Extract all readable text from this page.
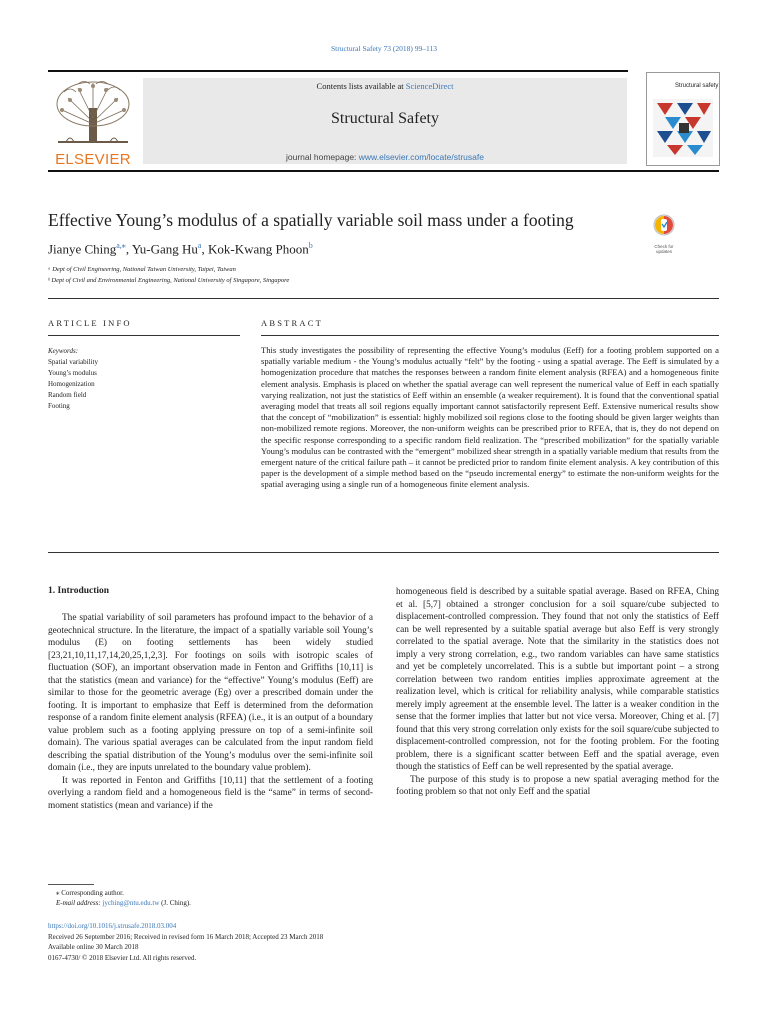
Structural Safety 73 (2018) 99–113
ELSEVIER
Contents lists available at ScienceDirect
Structural Safety
journal homepage: www.elsevier.com/locate/strusafe
Structural safety
Effective Young’s modulus of a spatially variable soil mass under a footing
Check for updates
Jianye Ching$^{a,⁎}$, Yu-Gang Hu$^a$, Kok-Kwang Phoon$^b$
ᵃ Dept of Civil Engineering, National Taiwan University, Taipei, Taiwan
ᵇ Dept of Civil and Environmental Engineering, National University of Singapore, Singapore
ARTICLE INFO	ABSTRACT
Keywords:
Spatial variability
Young’s modulus
Homogenization
Random field
Footing
This study investigates the possibility of representing the effective Young’s modulus (Eeff) for a footing problem supported on a spatially variable medium - the Young’s modulus actually “felt” by the footing - using a spatial average. The Eeff is simulated by a homogenization procedure that matches the responses between a random finite element analysis (RFEA) and a homogeneous finite element analysis. Emphasis is placed on whether the spatial average can well represent the numerical value of Eeff in each spatially varying realization, not just the statistics of Eeff within an ensemble (a weaker requirement). It is found that the conventional spatial averaging model that treats all soil regions equally important cannot satisfactorily represent Eeff. Extensive numerical results show that the concept of “mobilization” is essential: highly mobilized soil regions close to the footing should be given larger weights than non-mobilized remote regions. Moreover, the non-uniform weights can be prescribed prior to RFEA, that is, they do not depend on the specific response corresponding to a specific random field realization. The “prescribed mobilization” for the spatially variable Young’s modulus can be contrasted with the “emergent” mobilized shear strength in a spatially variable medium that results from the emergent nature of the critical failure path – it cannot be predicted prior to random finite element analysis. A key contribution of this paper is the development of a simple method based on the “pseudo incremental energy” to estimate the non-uniform weights for the spatial averaging using a single run of a homogeneous finite element analysis.
1. Introduction

The spatial variability of soil parameters has profound impact to the behavior of a geotechnical structure. In the literature, the impact of a spatially variable soil Young’s modulus (E) on footing settlements has been widely studied [23,21,10,11,17,14,20,25,1,2,3]. For footings on soils with isotropic scales of fluctuation (SOF), an important observation made in Fenton and Griffiths [10,11] is that the statistics (mean and variance) for the “effective” Young’s modulus (Eeff) are similar to those for the geometric average (Eg) over a prescribed domain under the footing. It is important to emphasize that Eeff is determined from the deformation response of a random finite element analysis (RFEA) (i.e., it is an output of a boundary value problem such as a footing applying pressure on top of a semi-infinite soil domain). The various spatial averages can be calculated from the input random field describing the spatial distribution of the Young’s modulus over the semi-infinite soil domain (i.e., they are inputs unrelated to the boundary value problem).

It was reported in Fenton and Griffiths [10,11] that the settlement of a footing overlying a random field and a homogeneous field is the “same” in terms of second-moment statistics (mean and variance) if the

homogeneous field is described by a suitable spatial average. Based on RFEA, Ching et al. [5,7] obtained a stronger conclusion for a soil square/cube subjected to displacement-controlled compression. They found that not only the statistics of Eeff can be well represented by a suitable spatial average but also Eeff is very strongly correlated to the spatial average. Note that the similarity in the statistics does not imply a very strong correlation, e.g., two random variables can have same statistics and yet be completely uncorrelated. This is a subtle but important point – a strong correlation between two random entities implies approximate agreement at the realization level, which is critical for reliability analysis, while comparable statistics merely imply agreement at the ensemble level. The latter is a weaker condition in the sense that the former implies that latter but not vice versa. Moreover, Ching et al. [7] found that this very strong correlation only exists for the soil square/cube subjected to displacement-controlled compression, not for the footing problem. For the footing problem, there is a significant scatter between Eeff and the spatial average, even though the statistics of Eeff can be well represented by the spatial average.

The purpose of this study is to propose a new spatial averaging method for the footing problem so that not only Eeff and the spatial

⁎ Corresponding author.
E-mail address: jyching@ntu.edu.tw (J. Ching).
https://doi.org/10.1016/j.strusafe.2018.03.004
Received 26 September 2016; Received in revised form 16 March 2018; Accepted 23 March 2018
Available online 30 March 2018
0167-4730/ © 2018 Elsevier Ltd. All rights reserved.
